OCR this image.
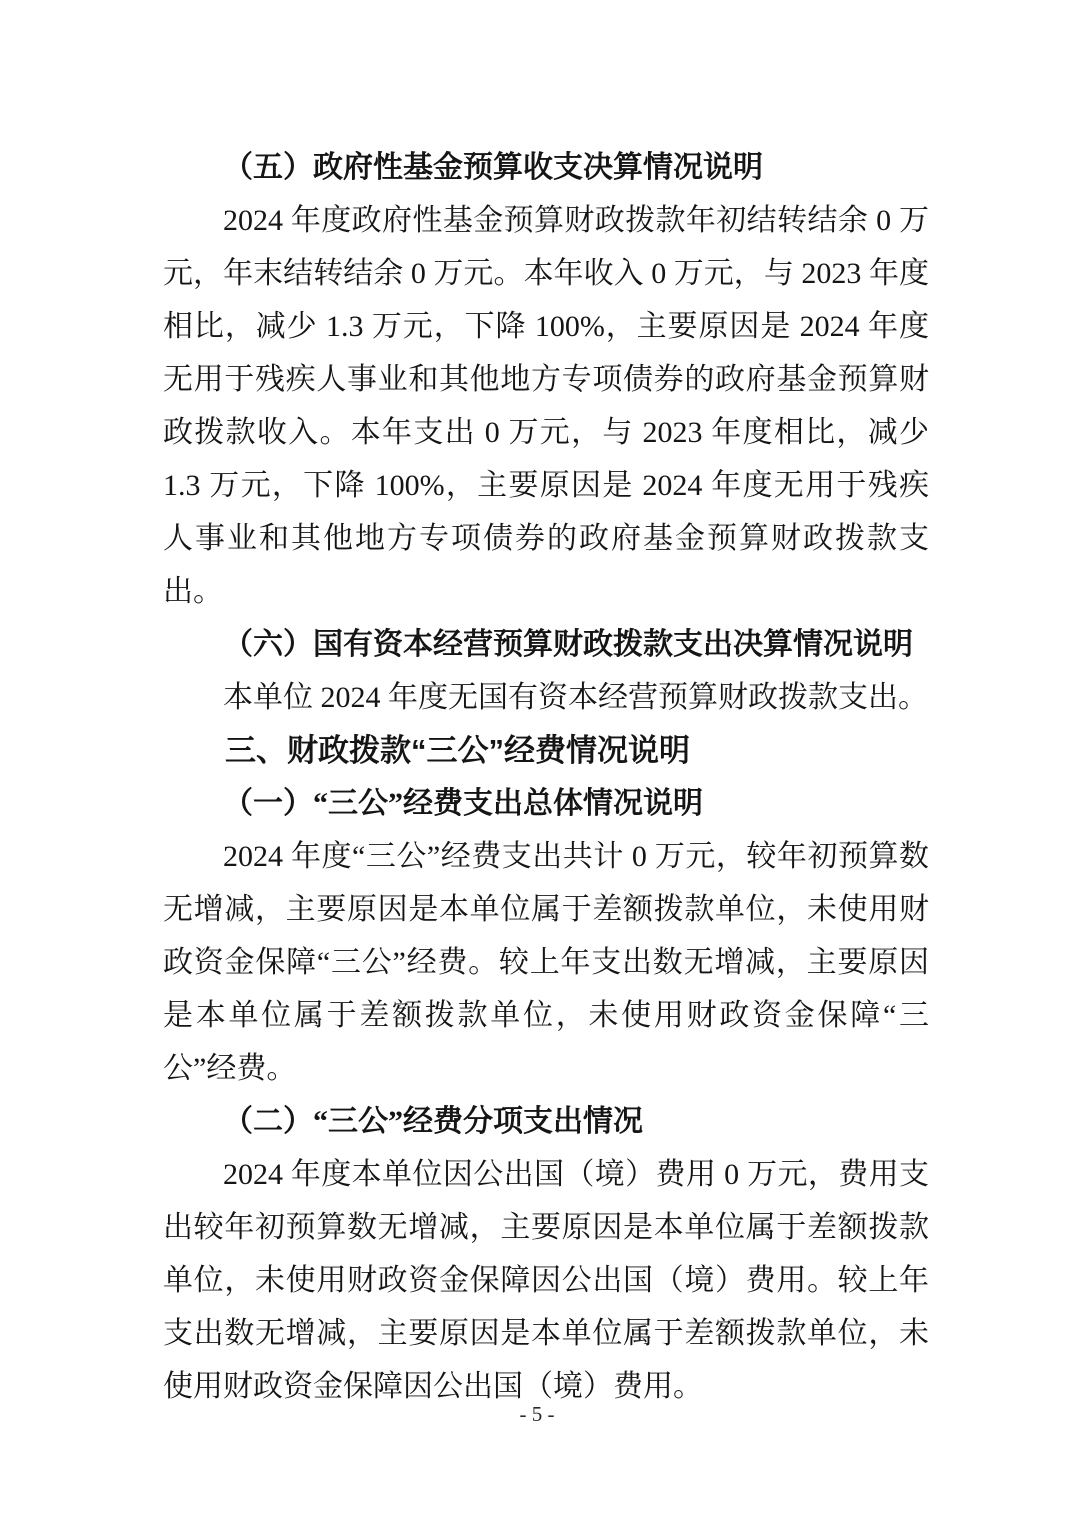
（五）政府性基金预算收支决算情况说明
2024 年度政府性基金预算财政拨款年初结转结余 0 万元，年末结转结余 0 万元。本年收入 0 万元，与 2023 年度相比，减少 1.3 万元，下降 100%，主要原因是 2024 年度无用于残疾人事业和其他地方专项债券的政府基金预算财政拨款收入。本年支出 0 万元，与 2023 年度相比，减少 1.3 万元，下降 100%，主要原因是 2024 年度无用于残疾人事业和其他地方专项债券的政府基金预算财政拨款支出。
（六）国有资本经营预算财政拨款支出决算情况说明
本单位 2024 年度无国有资本经营预算财政拨款支出。
三、财政拨款“三公”经费情况说明
（一）“三公”经费支出总体情况说明
2024 年度“三公”经费支出共计 0 万元，较年初预算数无增减，主要原因是本单位属于差额拨款单位，未使用财政资金保障“三公”经费。较上年支出数无增减，主要原因是本单位属于差额拨款单位，未使用财政资金保障“三公”经费。
（二）“三公”经费分项支出情况
2024 年度本单位因公出国（境）费用 0 万元，费用支出较年初预算数无增减，主要原因是本单位属于差额拨款单位，未使用财政资金保障因公出国（境）费用。较上年支出数无增减，主要原因是本单位属于差额拨款单位，未使用财政资金保障因公出国（境）费用。
- 5 -
